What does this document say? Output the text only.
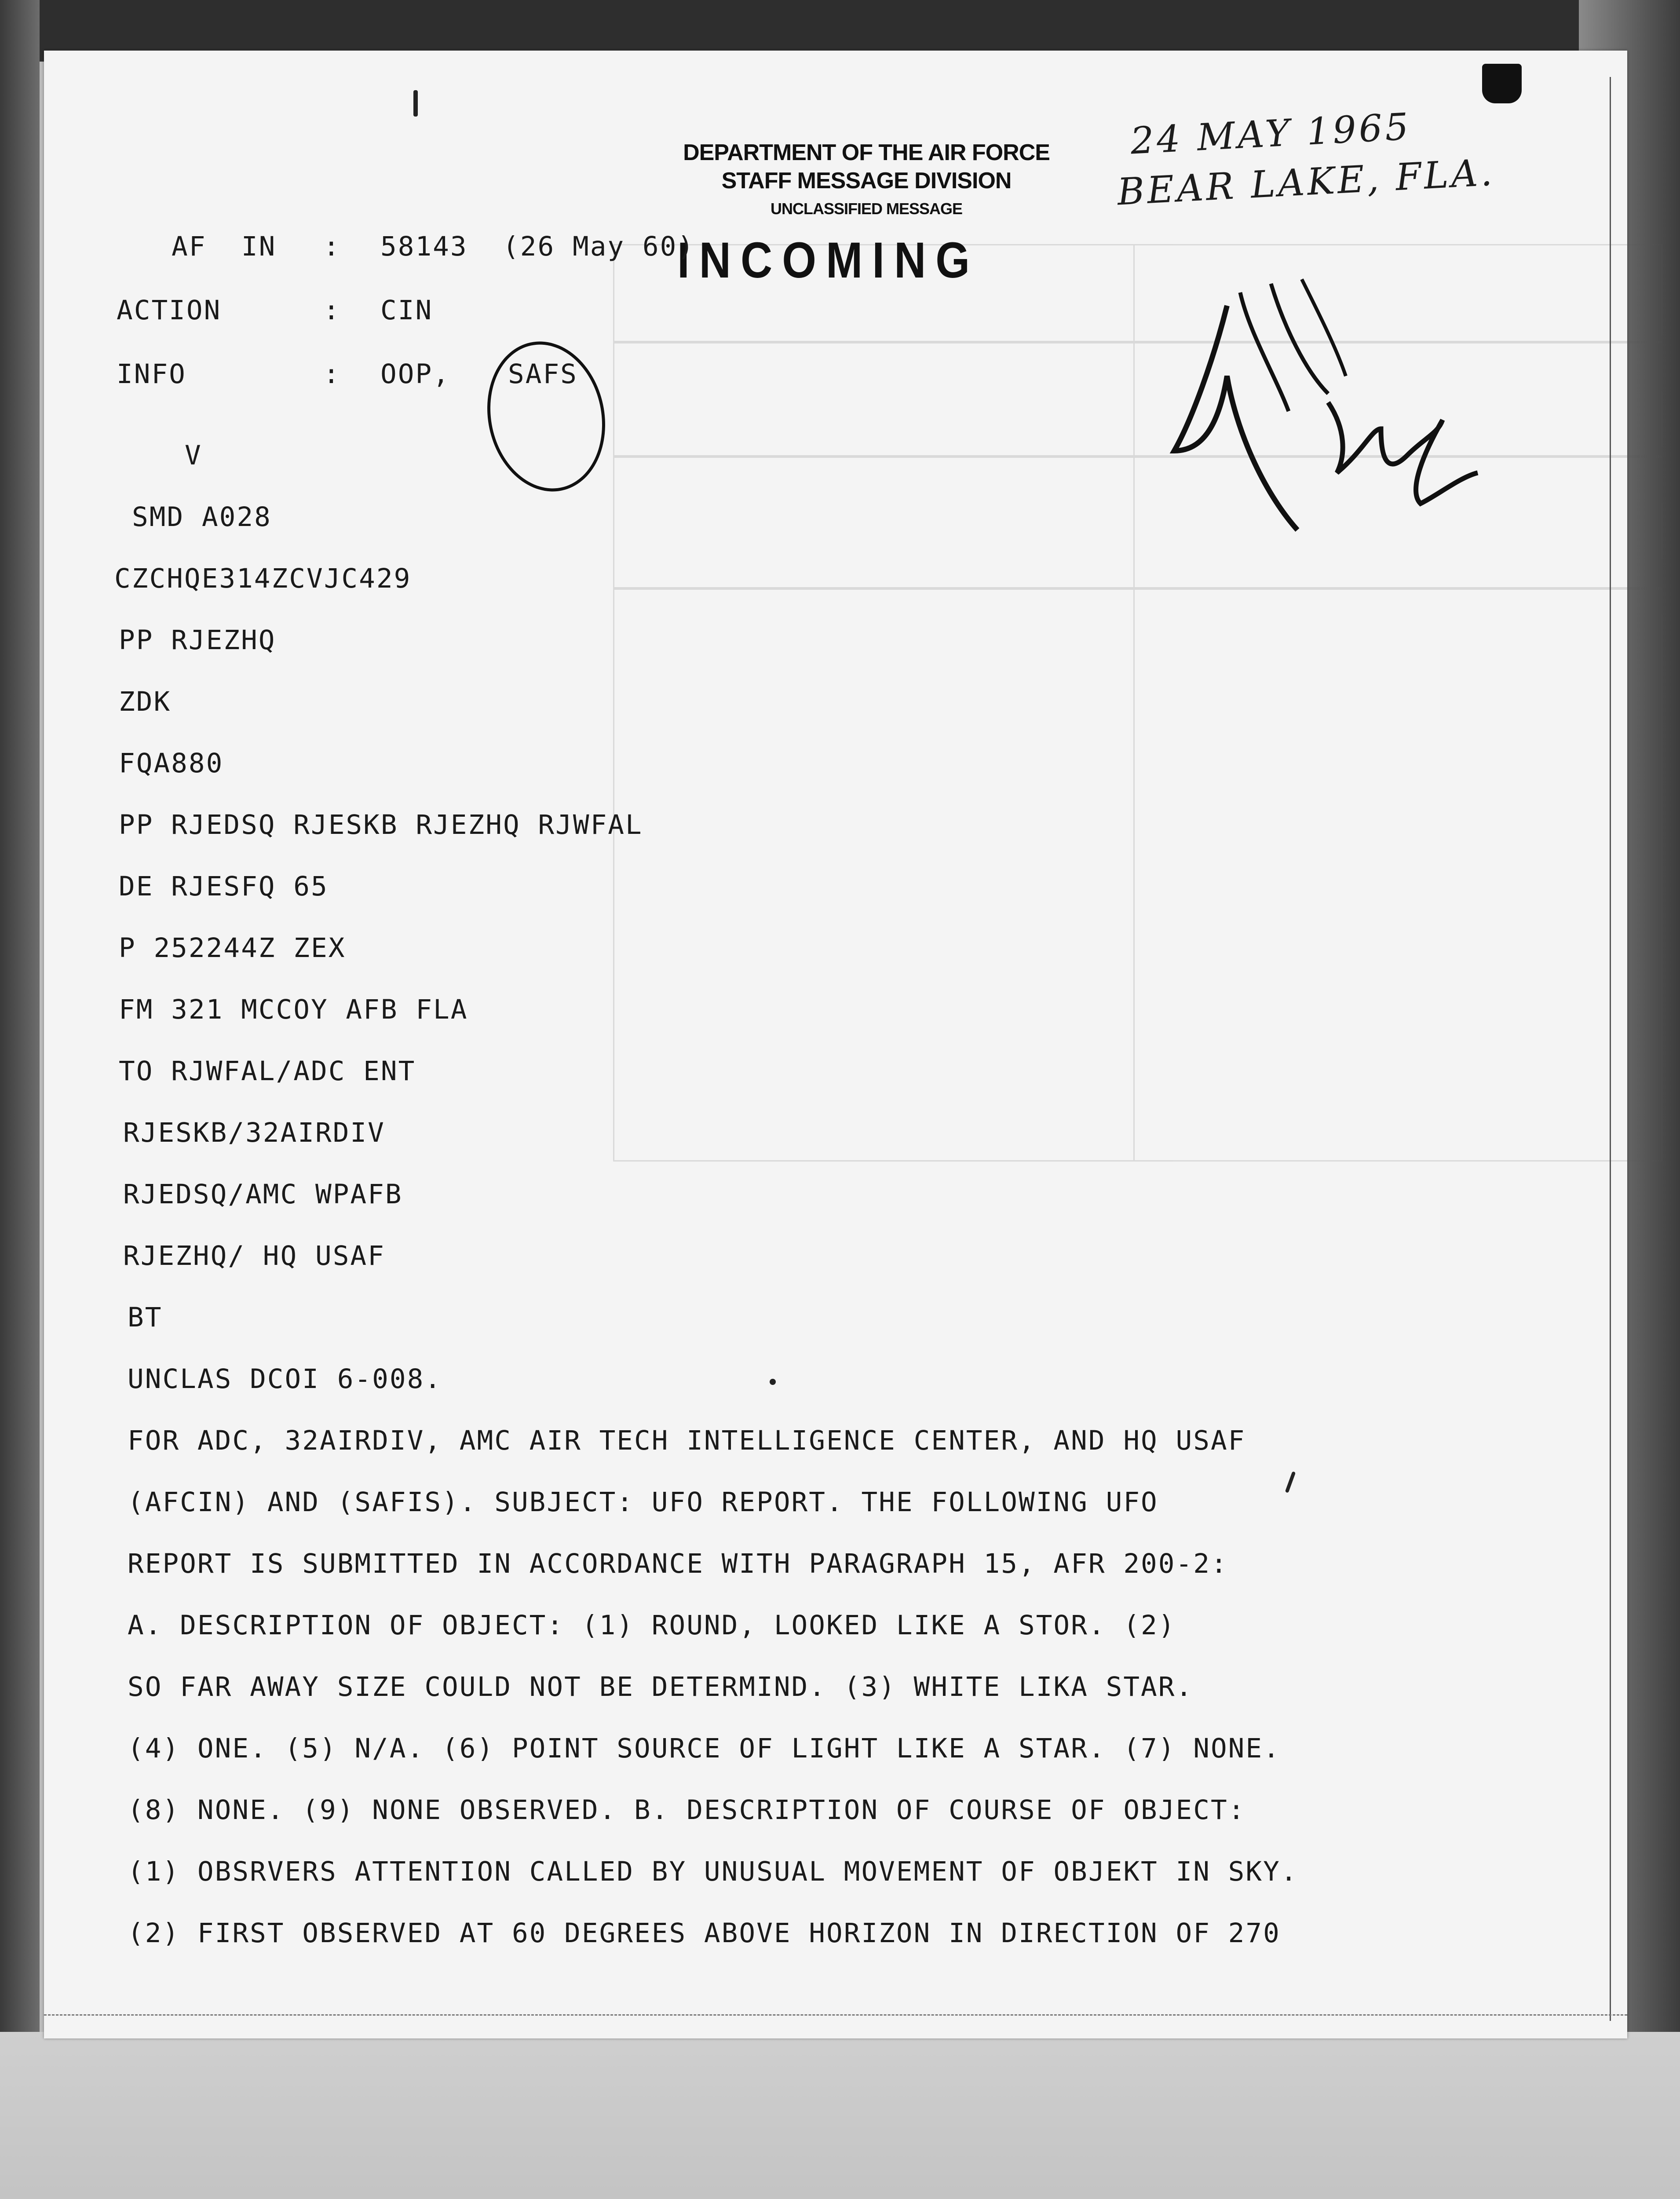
DEPARTMENT OF THE AIR FORCE
STAFF MESSAGE DIVISION
UNCLASSIFIED MESSAGE
INCOMING
24 MAY 1965
BEAR LAKE, FLA.
AF  IN : 58143  (26 May 60)
ACTION	: CIN
INFO	: OOP, SAFS
V
SMD A028
CZCHQE314ZCVJC429
PP RJEZHQ
ZDK
FQA880
PP RJEDSQ RJESKB RJEZHQ RJWFAL
DE RJESFQ 65
P 252244Z ZEX
FM 321 MCCOY AFB FLA
TO RJWFAL/ADC ENT
RJESKB/32AIRDIV
RJEDSQ/AMC WPAFB
RJEZHQ/ HQ USAF
BT
UNCLAS DCOI 6-008.
FOR ADC, 32AIRDIV, AMC AIR TECH INTELLIGENCE CENTER, AND HQ USAF
(AFCIN) AND (SAFIS). SUBJECT: UFO REPORT. THE FOLLOWING UFO
REPORT IS SUBMITTED IN ACCORDANCE WITH PARAGRAPH 15, AFR 200-2:
A. DESCRIPTION OF OBJECT: (1) ROUND, LOOKED LIKE A STOR. (2)
SO FAR AWAY SIZE COULD NOT BE DETERMIND. (3) WHITE LIKA STAR.
(4) ONE. (5) N/A. (6) POINT SOURCE OF LIGHT LIKE A STAR. (7) NONE.
(8) NONE. (9) NONE OBSERVED. B. DESCRIPTION OF COURSE OF OBJECT:
(1) OBSRVERS ATTENTION CALLED BY UNUSUAL MOVEMENT OF OBJEKT IN SKY.
(2) FIRST OBSERVED AT 60 DEGREES ABOVE HORIZON IN DIRECTION OF 270
